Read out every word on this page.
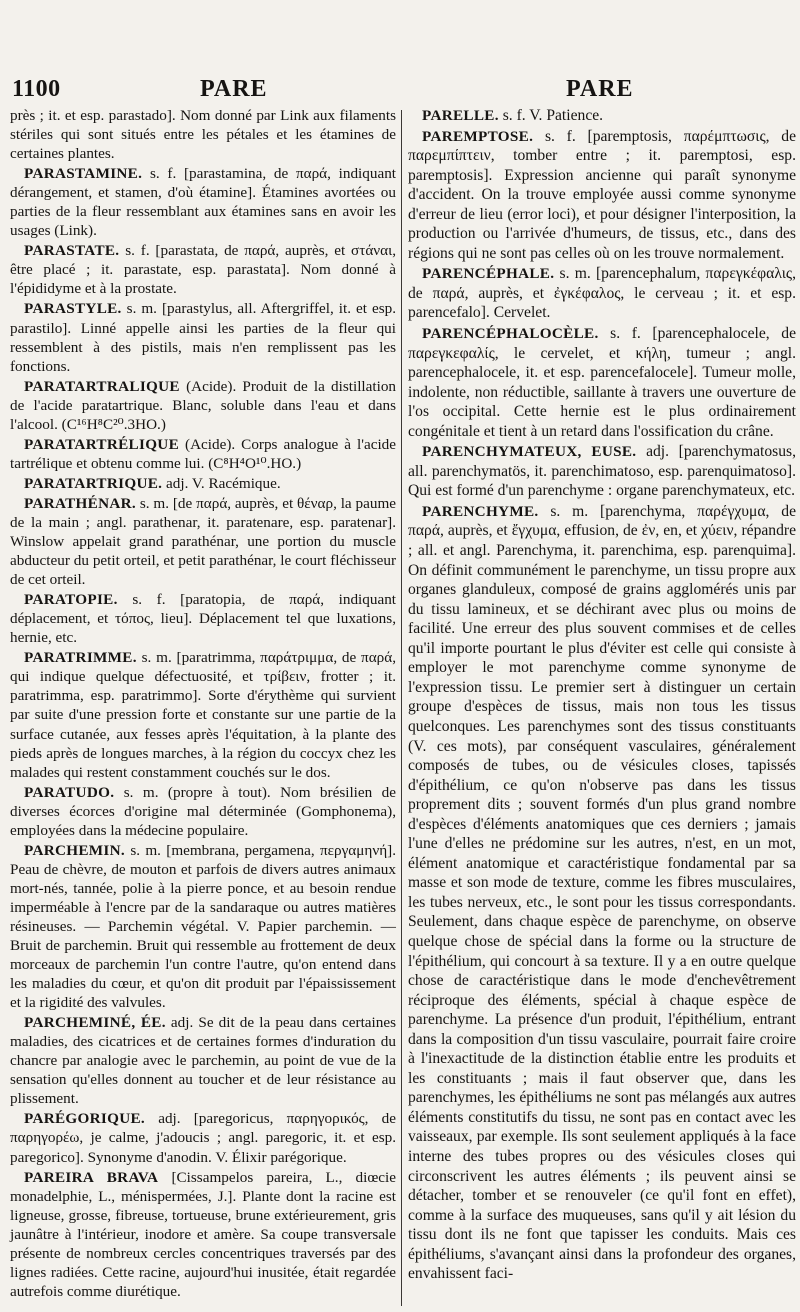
1100	PARE	PARE

près ; it. et esp. parastado]. Nom donné par Link aux filaments stériles qui sont situés entre les pétales et les étamines de certaines plantes.

PARASTAMINE. s. f. [parastamina, de παρά, indiquant dérangement, et stamen, d'où étamine]. Étamines avortées ou parties de la fleur ressemblant aux étamines sans en avoir les usages (Link).

PARASTATE. s. f. [parastata, de παρά, auprès, et στάναι, être placé ; it. parastate, esp. parastata]. Nom donné à l'épididyme et à la prostate.

PARASTYLE. s. m. [parastylus, all. Aftergriffel, it. et esp. parastilo]. Linné appelle ainsi les parties de la fleur qui ressemblent à des pistils, mais n'en remplissent pas les fonctions.

PARATARTRALIQUE (Acide). Produit de la distillation de l'acide paratartrique. Blanc, soluble dans l'eau et dans l'alcool. (C¹⁶H⁸C²⁰.3HO.)

PARATARTRÉLIQUE (Acide). Corps analogue à l'acide tartrélique et obtenu comme lui. (C⁸H⁴O¹⁰.HO.)

PARATARTRIQUE. adj. V. Racémique.

PARATHÉNAR. s. m. [de παρά, auprès, et θέναρ, la paume de la main ; angl. parathenar, it. paratenare, esp. paratenar]. Winslow appelait grand parathénar, une portion du muscle abducteur du petit orteil, et petit parathénar, le court fléchisseur de cet orteil.

PARATOPIE. s. f. [paratopia, de παρά, indiquant déplacement, et τόπος, lieu]. Déplacement tel que luxations, hernie, etc.

PARATRIMME. s. m. [paratrimma, παράτριμμα, de παρά, qui indique quelque défectuosité, et τρίβειν, frotter ; it. paratrimma, esp. paratrimmo]. Sorte d'érythème qui survient par suite d'une pression forte et constante sur une partie de la surface cutanée, aux fesses après l'équitation, à la plante des pieds après de longues marches, à la région du coccyx chez les malades qui restent constamment couchés sur le dos.

PARATUDO. s. m. (propre à tout). Nom brésilien de diverses écorces d'origine mal déterminée (Gomphonema), employées dans la médecine populaire.

PARCHEMIN. s. m. [membrana, pergamena, περγαμηνή]. Peau de chèvre, de mouton et parfois de divers autres animaux mort-nés, tannée, polie à la pierre ponce, et au besoin rendue imperméable à l'encre par de la sandaraque ou autres matières résineuses. — Parchemin végétal. V. Papier parchemin. — Bruit de parchemin. Bruit qui ressemble au frottement de deux morceaux de parchemin l'un contre l'autre, qu'on entend dans les maladies du cœur, et qu'on dit produit par l'épaississement et la rigidité des valvules.

PARCHEMINÉ, ÉE. adj. Se dit de la peau dans certaines maladies, des cicatrices et de certaines formes d'induration du chancre par analogie avec le parchemin, au point de vue de la sensation qu'elles donnent au toucher et de leur résistance au plissement.

PARÉGORIQUE. adj. [paregoricus, παρηγορικός, de παρηγορέω, je calme, j'adoucis ; angl. paregoric, it. et esp. paregorico]. Synonyme d'anodin. V. Élixir parégorique.

PAREIRA BRAVA [Cissampelos pareira, L., diœcie monadelphie, L., ménispermées, J.]. Plante dont la racine est ligneuse, grosse, fibreuse, tortueuse, brune extérieurement, gris jaunâtre à l'intérieur, inodore et amère. Sa coupe transversale présente de nombreux cercles concentriques traversés par des lignes radiées. Cette racine, aujourd'hui inusitée, était regardée autrefois comme diurétique.

PARELLE. s. f. V. Patience.

PAREMPTOSE. s. f. [paremptosis, παρέμπτωσις, de παρεμπίπτειν, tomber entre ; it. paremptosi, esp. paremptosis]. Expression ancienne qui paraît synonyme d'accident. On la trouve employée aussi comme synonyme d'erreur de lieu (error loci), et pour désigner l'interposition, la production ou l'arrivée d'humeurs, de tissus, etc., dans des régions qui ne sont pas celles où on les trouve normalement.

PARENCÉPHALE. s. m. [parencephalum, παρεγκέφαλις, de παρά, auprès, et ἐγκέφαλος, le cerveau ; it. et esp. parencefalo]. Cervelet.

PARENCÉPHALOCÈLE. s. f. [parencephalocele, de παρεγκεφαλίς, le cervelet, et κήλη, tumeur ; angl. parencephalocele, it. et esp. parencefalocele]. Tumeur molle, indolente, non réductible, saillante à travers une ouverture de l'os occipital. Cette hernie est le plus ordinairement congénitale et tient à un retard dans l'ossification du crâne.

PARENCHYMATEUX, EUSE. adj. [parenchymatosus, all. parenchymatös, it. parenchimatoso, esp. parenquimatoso]. Qui est formé d'un parenchyme : organe parenchymateux, etc.

PARENCHYME. s. m. [parenchyma, παρέγχυμα, de παρά, auprès, et ἔγχυμα, effusion, de ἐν, en, et χύειν, répandre ; all. et angl. Parenchyma, it. parenchima, esp. parenquima]. On définit communément le parenchyme, un tissu propre aux organes glanduleux, composé de grains agglomérés unis par du tissu lamineux, et se déchirant avec plus ou moins de facilité. Une erreur des plus souvent commises et de celles qu'il importe pourtant le plus d'éviter est celle qui consiste à employer le mot parenchyme comme synonyme de l'expression tissu. Le premier sert à distinguer un certain groupe d'espèces de tissus, mais non tous les tissus quelconques. Les parenchymes sont des tissus constituants (V. ces mots), par conséquent vasculaires, généralement composés de tubes, ou de vésicules closes, tapissés d'épithélium, ce qu'on n'observe pas dans les tissus proprement dits ; souvent formés d'un plus grand nombre d'espèces d'éléments anatomiques que ces derniers ; jamais l'une d'elles ne prédomine sur les autres, n'est, en un mot, élément anatomique et caractéristique fondamental par sa masse et son mode de texture, comme les fibres musculaires, les tubes nerveux, etc., le sont pour les tissus correspondants. Seulement, dans chaque espèce de parenchyme, on observe quelque chose de spécial dans la forme ou la structure de l'épithélium, qui concourt à sa texture. Il y a en outre quelque chose de caractéristique dans le mode d'enchevêtrement réciproque des éléments, spécial à chaque espèce de parenchyme. La présence d'un produit, l'épithélium, entrant dans la composition d'un tissu vasculaire, pourrait faire croire à l'inexactitude de la distinction établie entre les produits et les constituants ; mais il faut observer que, dans les parenchymes, les épithéliums ne sont pas mélangés aux autres éléments constitutifs du tissu, ne sont pas en contact avec les vaisseaux, par exemple. Ils sont seulement appliqués à la face interne des tubes propres ou des vésicules closes qui circonscrivent les autres éléments ; ils peuvent ainsi se détacher, tomber et se renouveler (ce qu'il font en effet), comme à la surface des muqueuses, sans qu'il y ait lésion du tissu dont ils ne font que tapisser les conduits. Mais ces épithéliums, s'avançant ainsi dans la profondeur des organes, envahissent faci-
